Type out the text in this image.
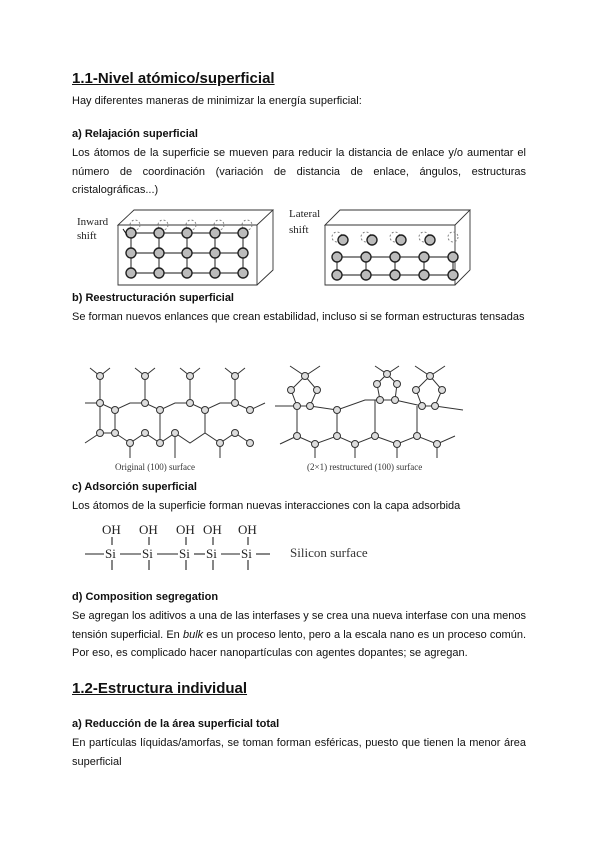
1.1-Nivel atómico/superficial
Hay diferentes maneras de minimizar la energía superficial:
a) Relajación superficial
Los átomos de la superficie se mueven para reducir la distancia de enlace y/o aumentar el número de coordinación (variación de distancia de enlace, ángulos, estructuras cristalográficas...)
Inward
shift
Lateral
shift
b) Reestructuración superficial
Se forman nuevos enlances que crean estabilidad, incluso si se forman estructuras tensadas
Original (100) surface	(2×1) restructured (100) surface
c) Adsorción superficial
Los átomos de la superficie forman nuevas interacciones con la capa adsorbida
OH OH OH OH OH
Si Si Si Si Si	Silicon surface
d) Composition segregation
Se agregan los aditivos a una de las interfases y se crea una nueva interfase con una menos tensión superficial. En bulk es un proceso lento, pero a la escala nano es un proceso común. Por eso, es complicado hacer nanopartículas con agentes dopantes; se agregan.
1.2-Estructura individual
a) Reducción de la área superficial total
En partículas líquidas/amorfas, se toman forman esféricas, puesto que tienen la menor área superficial
